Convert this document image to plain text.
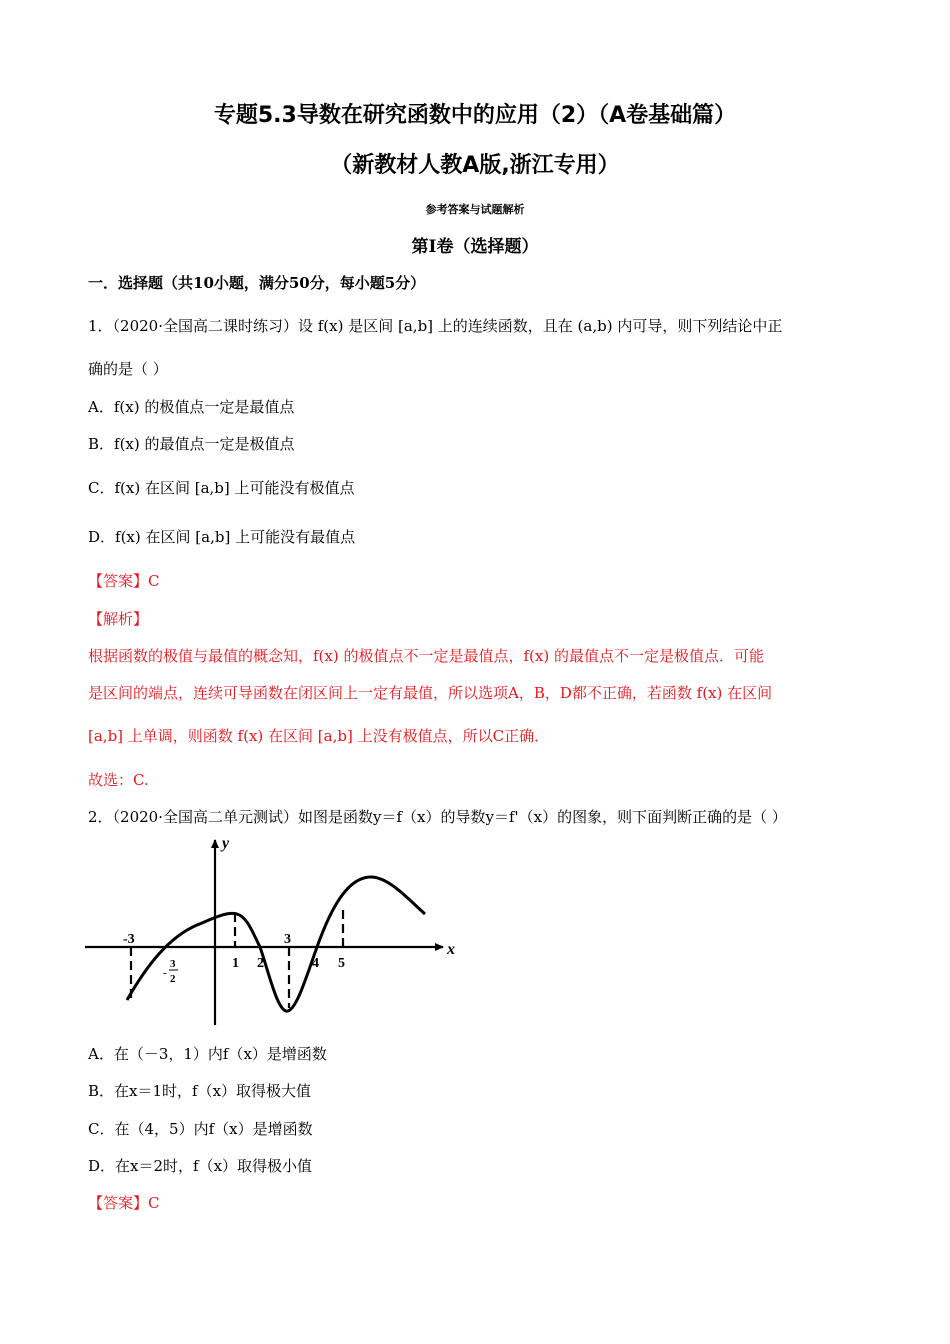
专题5.3导数在研究函数中的应用（2）（A卷基础篇）
（新教材人教A版,浙江专用）
参考答案与试题解析
第Ⅰ卷（选择题）
一．选择题（共10小题，满分50分，每小题5分）
1．（2020·全国高二课时练习）设 f(x) 是区间 [a,b] 上的连续函数，且在 (a,b) 内可导，则下列结论中正
确的是（ ）
A．f(x) 的极值点一定是最值点
B．f(x) 的最值点一定是极值点
C．f(x) 在区间 [a,b] 上可能没有极值点
D．f(x) 在区间 [a,b] 上可能没有最值点
【答案】C
【解析】
根据函数的极值与最值的概念知，f(x) 的极值点不一定是最值点，f(x) 的最值点不一定是极值点．可能
是区间的端点，连续可导函数在闭区间上一定有最值，所以选项A，B，D都不正确，若函数 f(x) 在区间
[a,b] 上单调，则函数 f(x) 在区间 [a,b] 上没有极值点，所以C正确．
故选：C.
2．（2020·全国高二单元测试）如图是函数y＝f（x）的导数y＝f'（x）的图象，则下面判断正确的是（ ）
y
x
-3
1 2
3
4 5
-
3
2
A．在（－3，1）内f（x）是增函数
B．在x＝1时，f（x）取得极大值
C．在（4，5）内f（x）是增函数
D．在x＝2时，f（x）取得极小值
【答案】C
